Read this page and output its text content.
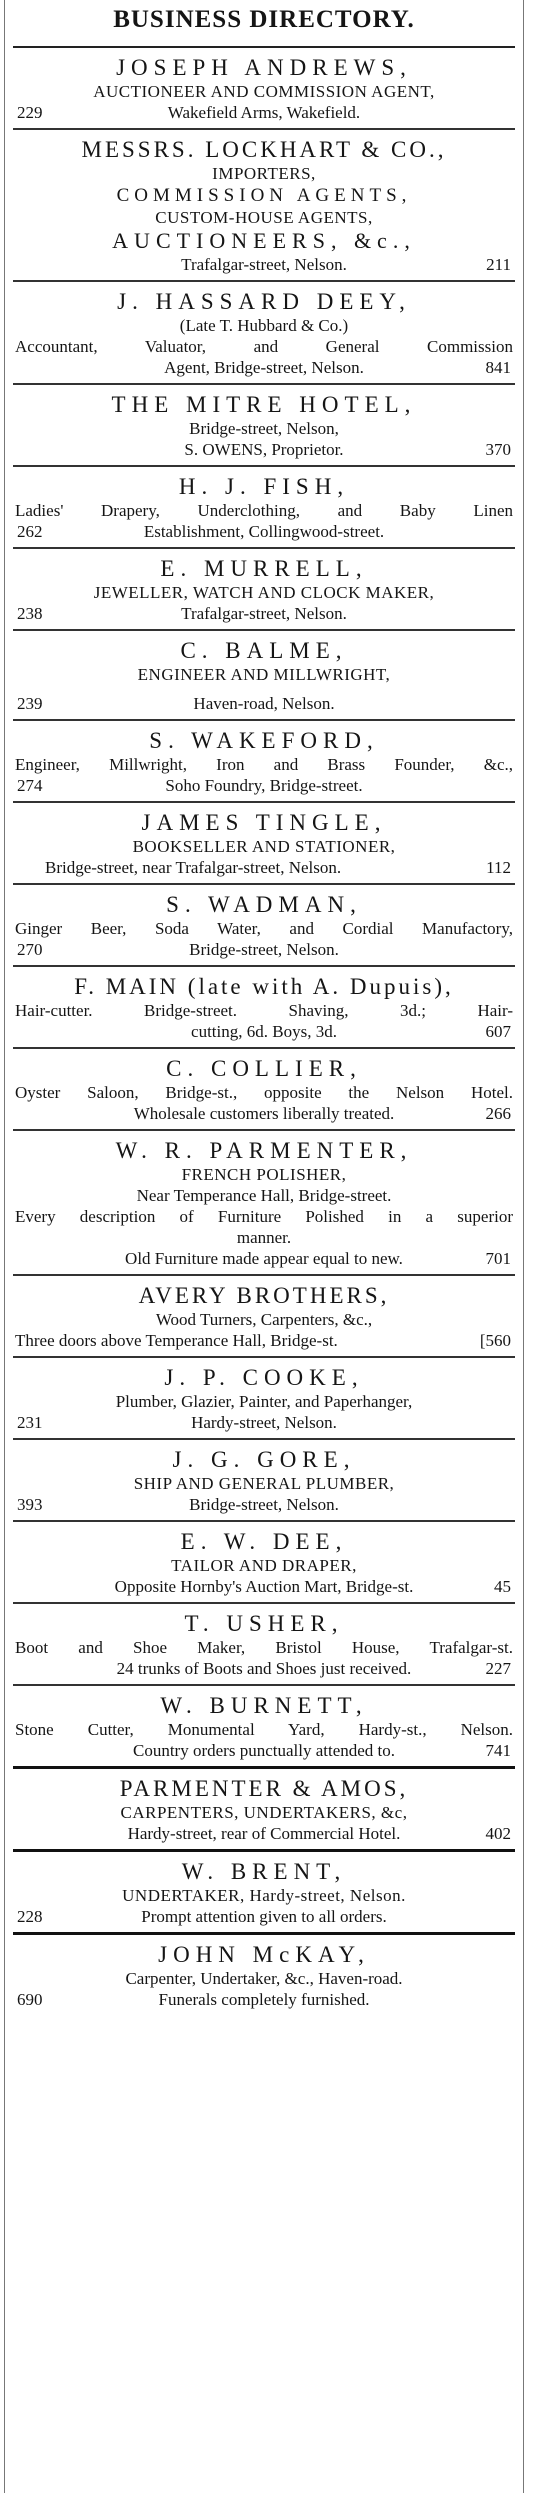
BUSINESS DIRECTORY.
JOSEPH ANDREWS,
AUCTIONEER AND COMMISSION AGENT,
229	Wakefield Arms, Wakefield.
MESSRS. LOCKHART & CO.,
IMPORTERS,
COMMISSION AGENTS,
CUSTOM-HOUSE AGENTS,
AUCTIONEERS, &c.,
Trafalgar-street, Nelson.	211
J. HASSARD DEEY,
(Late T. Hubbard & Co.)
Accountant, Valuator, and General Commission
Agent, Bridge-street, Nelson.	841
THE MITRE HOTEL,
Bridge-street, Nelson,
S. OWENS, Proprietor.	370
H. J. FISH,
Ladies' Drapery, Underclothing, and Baby Linen
262	Establishment, Collingwood-street.
E. MURRELL,
JEWELLER, WATCH AND CLOCK MAKER,
238	Trafalgar-street, Nelson.
C. BALME,
ENGINEER AND MILLWRIGHT,
239	Haven-road, Nelson.
S. WAKEFORD,
Engineer, Millwright, Iron and Brass Founder, &c.,
274	Soho Foundry, Bridge-street.
JAMES TINGLE,
BOOKSELLER AND STATIONER,
Bridge-street, near Trafalgar-street, Nelson.	112
S. WADMAN,
Ginger Beer, Soda Water, and Cordial Manufactory,
270	Bridge-street, Nelson.
F. MAIN (late with A. Dupuis),
Hair-cutter. Bridge-street. Shaving, 3d.; Hair-
cutting, 6d. Boys, 3d.	607
C. COLLIER,
Oyster Saloon, Bridge-st., opposite the Nelson Hotel.
Wholesale customers liberally treated.	266
W. R. PARMENTER,
FRENCH POLISHER,
Near Temperance Hall, Bridge-street.
Every description of Furniture Polished in a superior
manner.
Old Furniture made appear equal to new.	701
AVERY BROTHERS,
Wood Turners, Carpenters, &c.,
Three doors above Temperance Hall, Bridge-st.	[560
J. P. COOKE,
Plumber, Glazier, Painter, and Paperhanger,
231	Hardy-street, Nelson.
J. G. GORE,
SHIP AND GENERAL PLUMBER,
393	Bridge-street, Nelson.
E. W. DEE,
TAILOR AND DRAPER,
Opposite Hornby's Auction Mart, Bridge-st.	45
T. USHER,
Boot and Shoe Maker, Bristol House, Trafalgar-st.
24 trunks of Boots and Shoes just received.	227
W. BURNETT,
Stone Cutter, Monumental Yard, Hardy-st., Nelson.
Country orders punctually attended to.	741
PARMENTER & AMOS,
CARPENTERS, UNDERTAKERS, &c,
Hardy-street, rear of Commercial Hotel.	402
W. BRENT,
UNDERTAKER, Hardy-street, Nelson.
228	Prompt attention given to all orders.
JOHN McKAY,
Carpenter, Undertaker, &c., Haven-road.
690	Funerals completely furnished.
